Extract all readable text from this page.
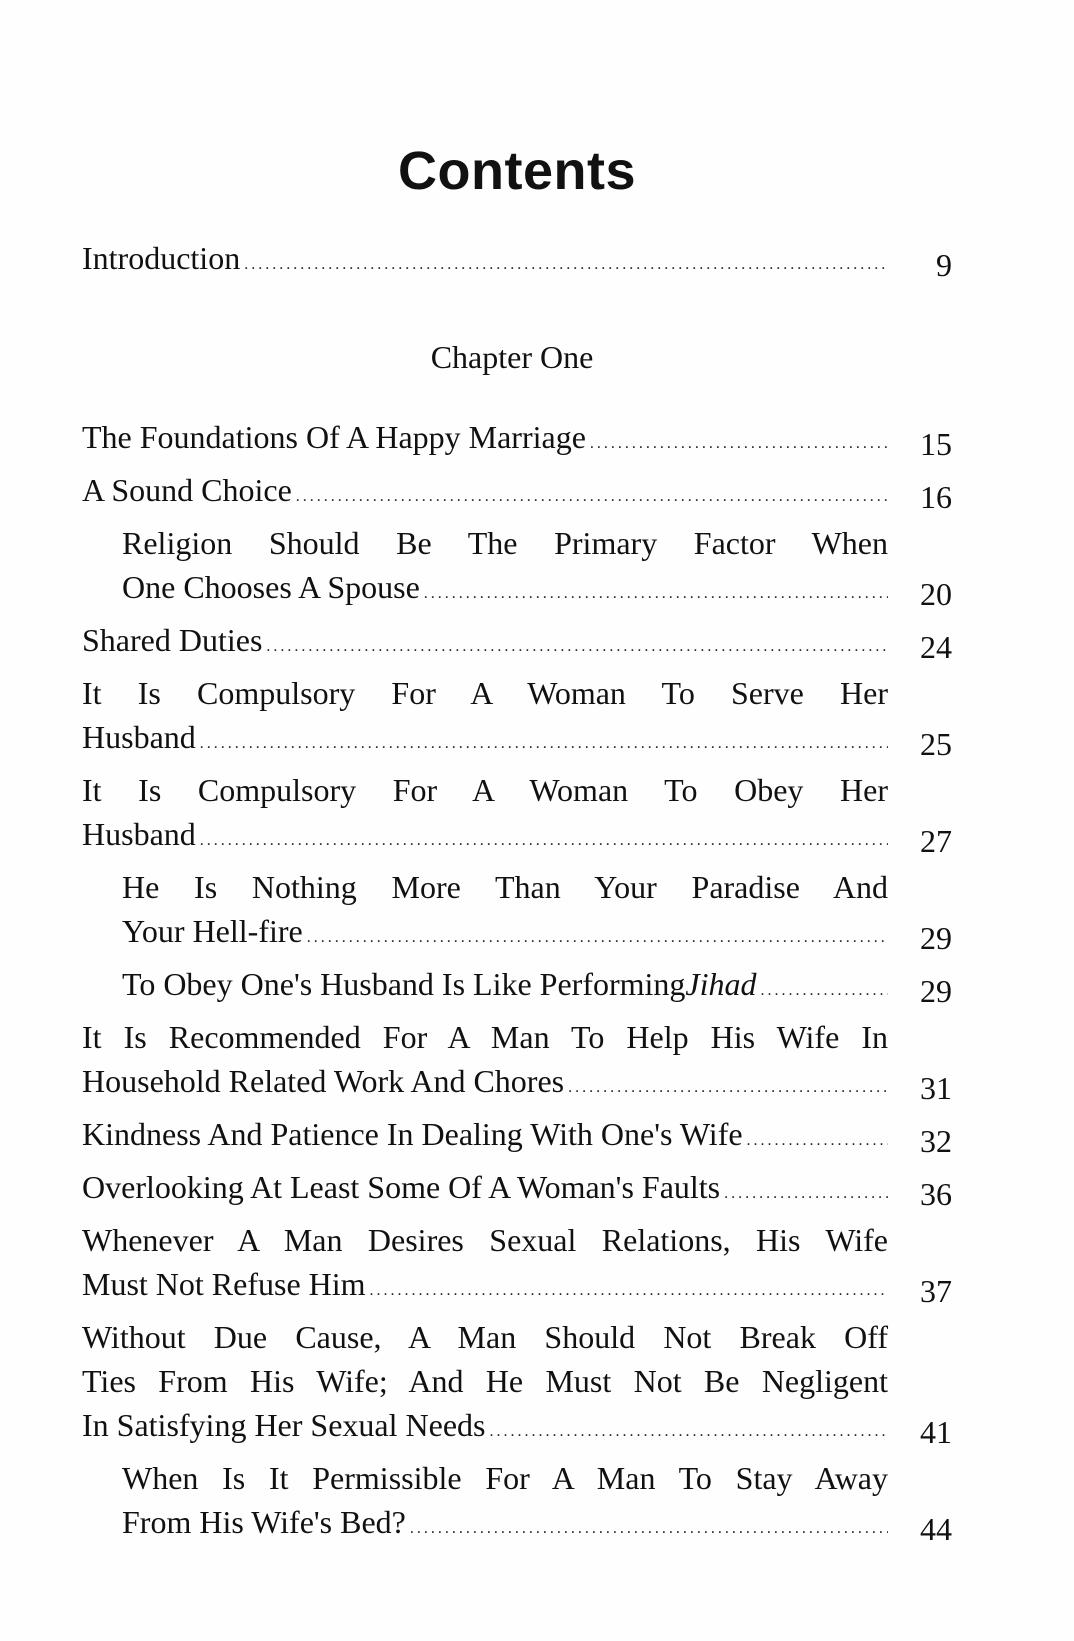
Contents
Introduction .....	9
Chapter One
The Foundations Of A Happy Marriage .....	15
A Sound Choice .....	16
Religion Should Be The Primary Factor When
One Chooses A Spouse .....	20
Shared Duties .....	24
It Is Compulsory For A Woman To Serve Her
Husband .....	25
It Is Compulsory For A Woman To Obey Her
Husband .....	27
He Is Nothing More Than Your Paradise And
Your Hell-fire .....	29
To Obey One's Husband Is Like Performing Jihad .....	29
It Is Recommended For A Man To Help His Wife In
Household Related Work And Chores .....	31
Kindness And Patience In Dealing With One's Wife .....	32
Overlooking At Least Some Of A Woman's Faults .....	36
Whenever A Man Desires Sexual Relations, His Wife
Must Not Refuse Him .....	37
Without Due Cause, A Man Should Not Break Off
Ties From His Wife; And He Must Not Be Negligent
In Satisfying Her Sexual Needs .....	41
When Is It Permissible For A Man To Stay Away
From His Wife's Bed? .....	44
